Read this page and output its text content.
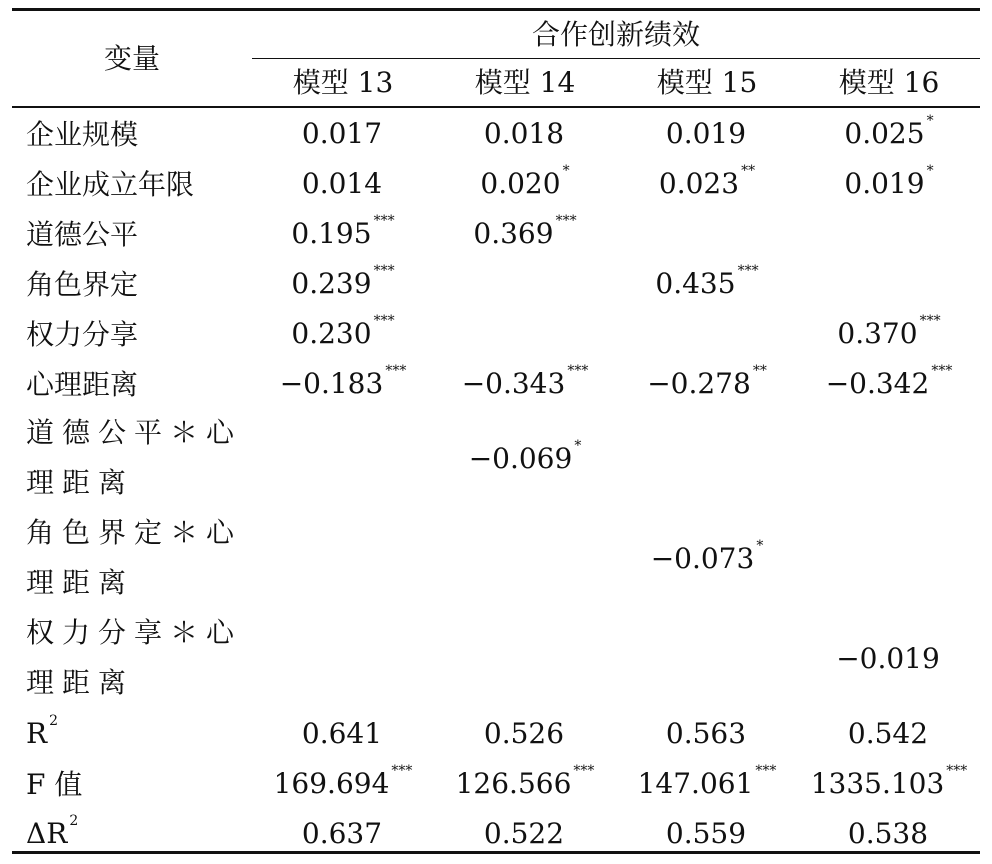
变量
合作创新绩效
模型 13	模型 14	模型 15	模型 16
企业规模	0.017	0.018	0.019	0.025 *
企业成立年限	0.014	0.020 *	0.023 **	0.019 *
道德公平	0.195 ***	0.369 ***		
角色界定	0.239 ***		0.435 ***	
权力分享	0.230 ***			0.370 ***
心理距离	−0.183 ***	−0.343 ***	−0.278 **	−0.342 ***

道德公平＊心理距离		−0.069 *		

角色界定＊心理距离			−0.073 *	

权力分享＊心理距离				−0.019
R $^2$	0.641	0.526	0.563	0.542
F 值	169.694 ***	126.566 ***	147.061 ***	1335.103 ***
ΔR $^2$	0.637	0.522	0.559	0.538
